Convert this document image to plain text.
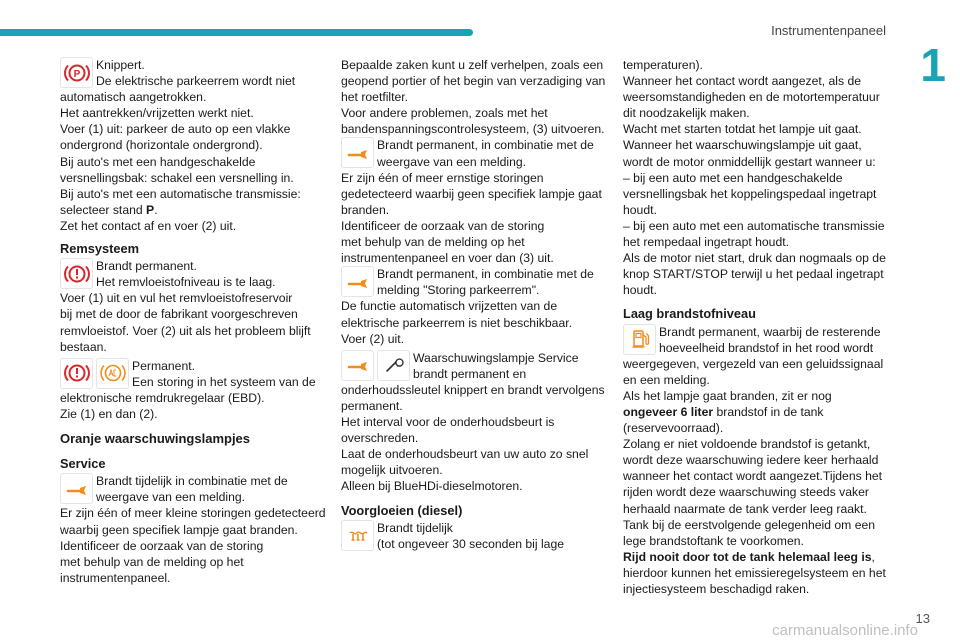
Instrumentenpaneel
1
P

Knippert.

De elektrische parkeerrem wordt niet

automatisch aangetrokken.

Het aantrekken/vrijzetten werkt niet.

Voer (1) uit: parkeer de auto op een vlakke

ondergrond (horizontale ondergrond).

Bij auto's met een handgeschakelde

versnellingsbak: schakel een versnelling in.

Bij auto's met een automatische transmissie:

selecteer stand P.

Zet het contact af en voer (2) uit.

Remsysteem

Brandt permanent.

Het remvloeistofniveau is te laag.

Voer (1) uit en vul het remvloeistofreservoir

bij met de door de fabrikant voorgeschreven

remvloeistof. Voer (2) uit als het probleem blijft

bestaan.

Permanent.

Een storing in het systeem van de

elektronische remdrukregelaar (EBD).

Zie (1) en dan (2).

Oranje waarschuwingslampjes
Service

Brandt tijdelijk in combinatie met de

weergave van een melding.

Er zijn één of meer kleine storingen gedetecteerd

waarbij geen specifiek lampje gaat branden.

Identificeer de oorzaak van de storing

met behulp van de melding op het

instrumentenpaneel.

Bepaalde zaken kunt u zelf verhelpen, zoals een

geopend portier of het begin van verzadiging van

het roetfilter.

Voor andere problemen, zoals met het

bandenspanningscontrolesysteem, (3) uitvoeren.

Brandt permanent, in combinatie met de

weergave van een melding.

Er zijn één of meer ernstige storingen

gedetecteerd waarbij geen specifiek lampje gaat

branden.

Identificeer de oorzaak van de storing

met behulp van de melding op het

instrumentenpaneel en voer dan (3) uit.

Brandt permanent, in combinatie met de

melding "Storing parkeerrem".

De functie automatisch vrijzetten van de

elektrische parkeerrem is niet beschikbaar.

Voer (2) uit.

Waarschuwingslampje Service

brandt permanent en

onderhoudssleutel knippert en brandt vervolgens

permanent.

Het interval voor de onderhoudsbeurt is

overschreden.

Laat de onderhoudsbeurt van uw auto zo snel

mogelijk uitvoeren.

Alleen bij BlueHDi-dieselmotoren.

Voorgloeien (diesel)

Brandt tijdelijk

(tot ongeveer 30 seconden bij lage

temperaturen).

Wanneer het contact wordt aangezet, als de

weersomstandigheden en de motortemperatuur

dit noodzakelijk maken.

Wacht met starten totdat het lampje uit gaat.

Wanneer het waarschuwingslampje uit gaat,

wordt de motor onmiddellijk gestart wanneer u:

– bij een auto met een handgeschakelde

versnellingsbak het koppelingspedaal ingetrapt

houdt.

– bij een auto met een automatische transmissie

het rempedaal ingetrapt houdt.

Als de motor niet start, druk dan nogmaals op de

knop START/STOP terwijl u het pedaal ingetrapt

houdt.

Laag brandstofniveau

Brandt permanent, waarbij de resterende

hoeveelheid brandstof in het rood wordt

weergegeven, vergezeld van een geluidssignaal

en een melding.

Als het lampje gaat branden, zit er nog

ongeveer 6 liter brandstof in de tank

(reservevoorraad).

Zolang er niet voldoende brandstof is getankt,

wordt deze waarschuwing iedere keer herhaald

wanneer het contact wordt aangezet.Tijdens het

rijden wordt deze waarschuwing steeds vaker

herhaald naarmate de tank verder leeg raakt.

Tank bij de eerstvolgende gelegenheid om een

lege brandstoftank te voorkomen.

Rijd nooit door tot de tank helemaal leeg is,

hierdoor kunnen het emissieregelsysteem en het

injectiesysteem beschadigd raken.

13
carmanualsonline.info
